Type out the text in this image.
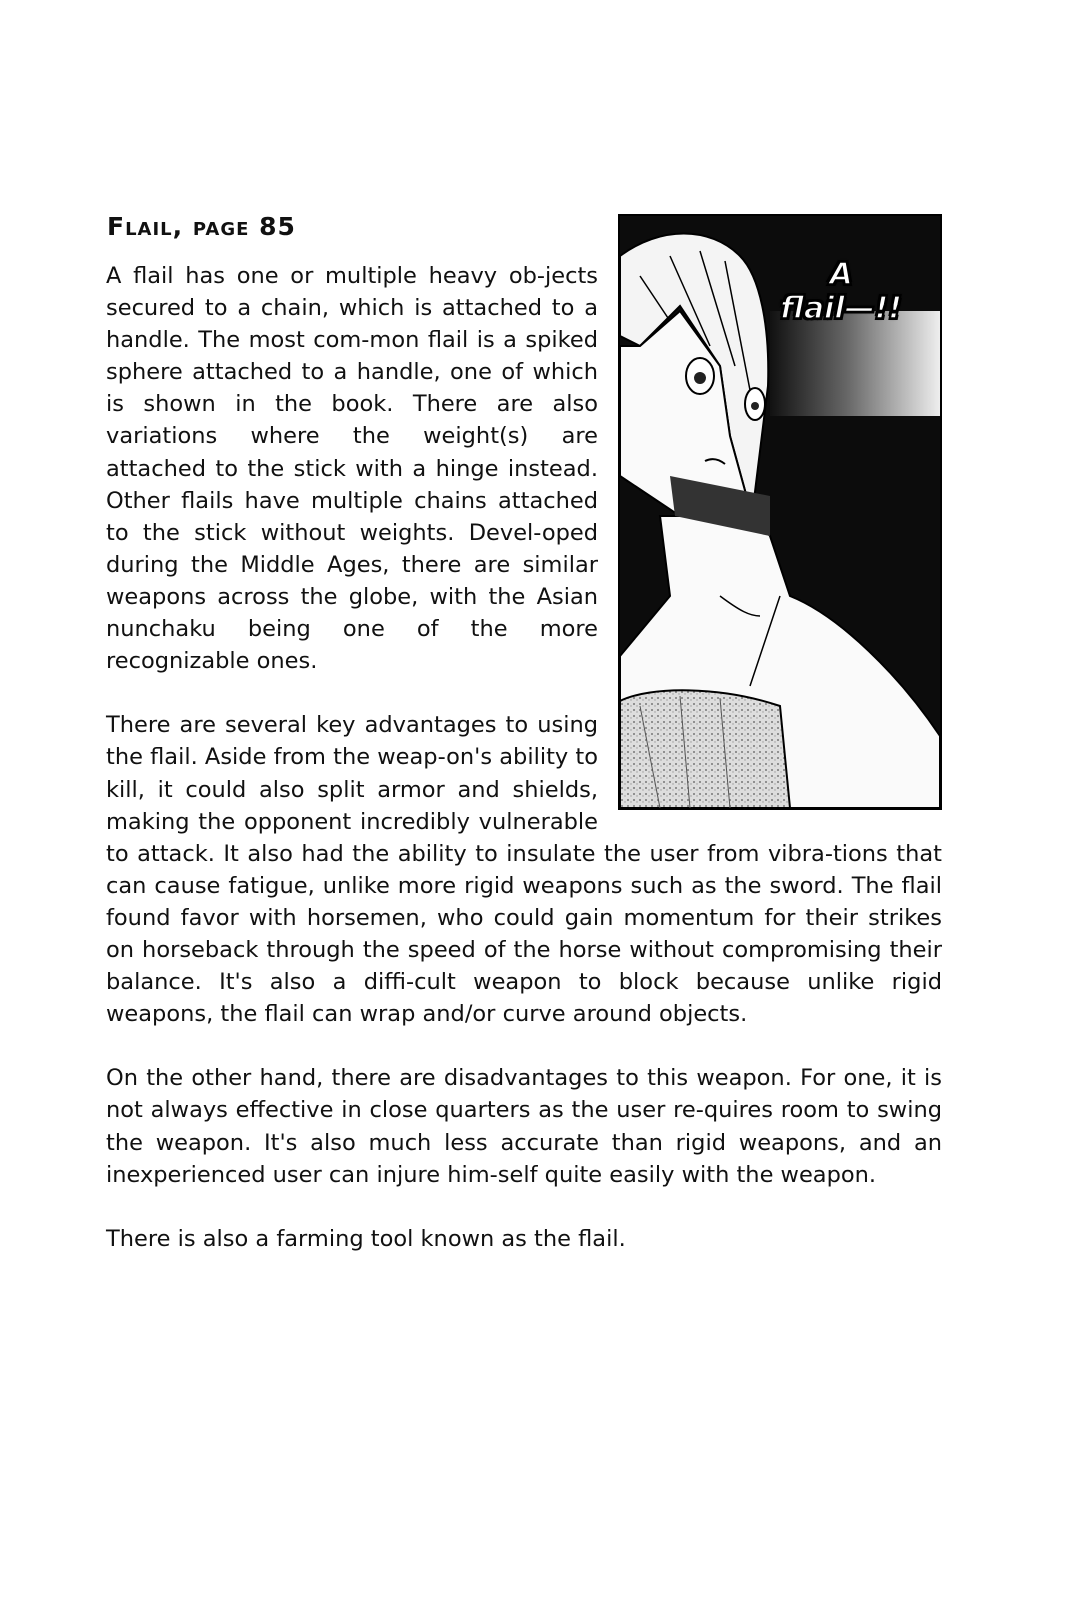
Flail, page 85
A
flail—!!

A flail has one or multiple heavy ob-jects secured to a chain, which is attached to a handle. The most com-mon flail is a spiked sphere attached to a handle, one of which is shown in the book. There are also variations where the weight(s) are attached to the stick with a hinge instead. Other flails have multiple chains attached to the stick without weights. Devel-oped during the Middle Ages, there are similar weapons across the globe, with the Asian nunchaku being one of the more recognizable ones.

There are several key advantages to using the flail. Aside from the weap-on's ability to kill, it could also split armor and shields, making the opponent incredibly vulnerable to attack. It also had the ability to insulate the user from vibra-tions that can cause fatigue, unlike more rigid weapons such as the sword. The flail found favor with horsemen, who could gain momentum for their strikes on horseback through the speed of the horse without compromising their balance. It's also a diffi-cult weapon to block because unlike rigid weapons, the flail can wrap and/or curve around objects.

On the other hand, there are disadvantages to this weapon. For one, it is not always effective in close quarters as the user re-quires room to swing the weapon. It's also much less accurate than rigid weapons, and an inexperienced user can injure him-self quite easily with the weapon.

There is also a farming tool known as the flail.
